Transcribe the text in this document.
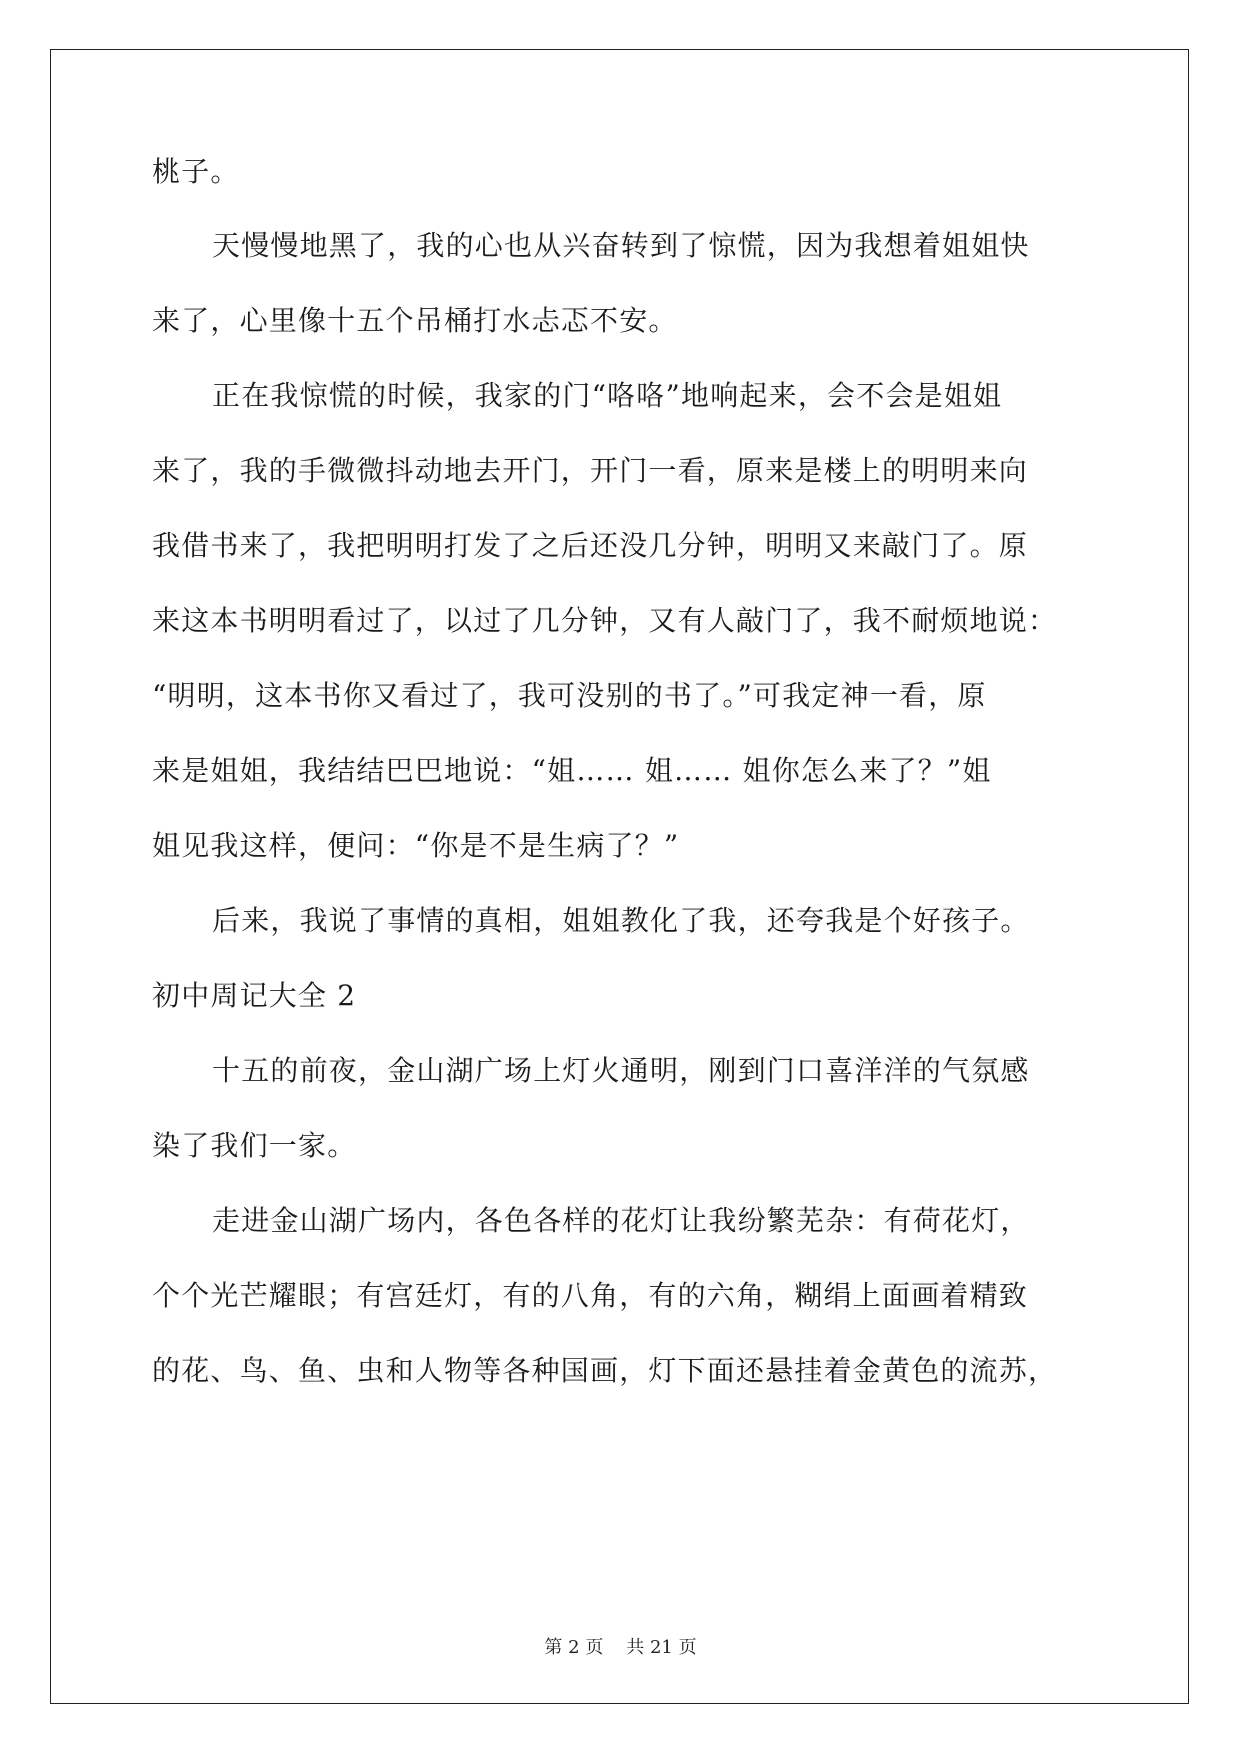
桃子。
天慢慢地黑了，我的心也从兴奋转到了惊慌，因为我想着姐姐快
来了，心里像十五个吊桶打水忐忑不安。
正在我惊慌的时候，我家的门“咯咯”地响起来，会不会是姐姐
来了，我的手微微抖动地去开门，开门一看，原来是楼上的明明来向
我借书来了，我把明明打发了之后还没几分钟，明明又来敲门了。原
来这本书明明看过了，以过了几分钟，又有人敲门了，我不耐烦地说：
“明明，这本书你又看过了，我可没别的书了。”可我定神一看，原
来是姐姐，我结结巴巴地说：“姐…… 姐…… 姐你怎么来了？”姐
姐见我这样，便问：“你是不是生病了？”
后来，我说了事情的真相，姐姐教化了我，还夸我是个好孩子。
初中周记大全 2
十五的前夜，金山湖广场上灯火通明，刚到门口喜洋洋的气氛感
染了我们一家。
走进金山湖广场内，各色各样的花灯让我纷繁芜杂：有荷花灯，
个个光芒耀眼；有宫廷灯，有的八角，有的六角，糊绢上面画着精致
的花、鸟、鱼、虫和人物等各种国画，灯下面还悬挂着金黄色的流苏，
第 2 页 共 21 页
